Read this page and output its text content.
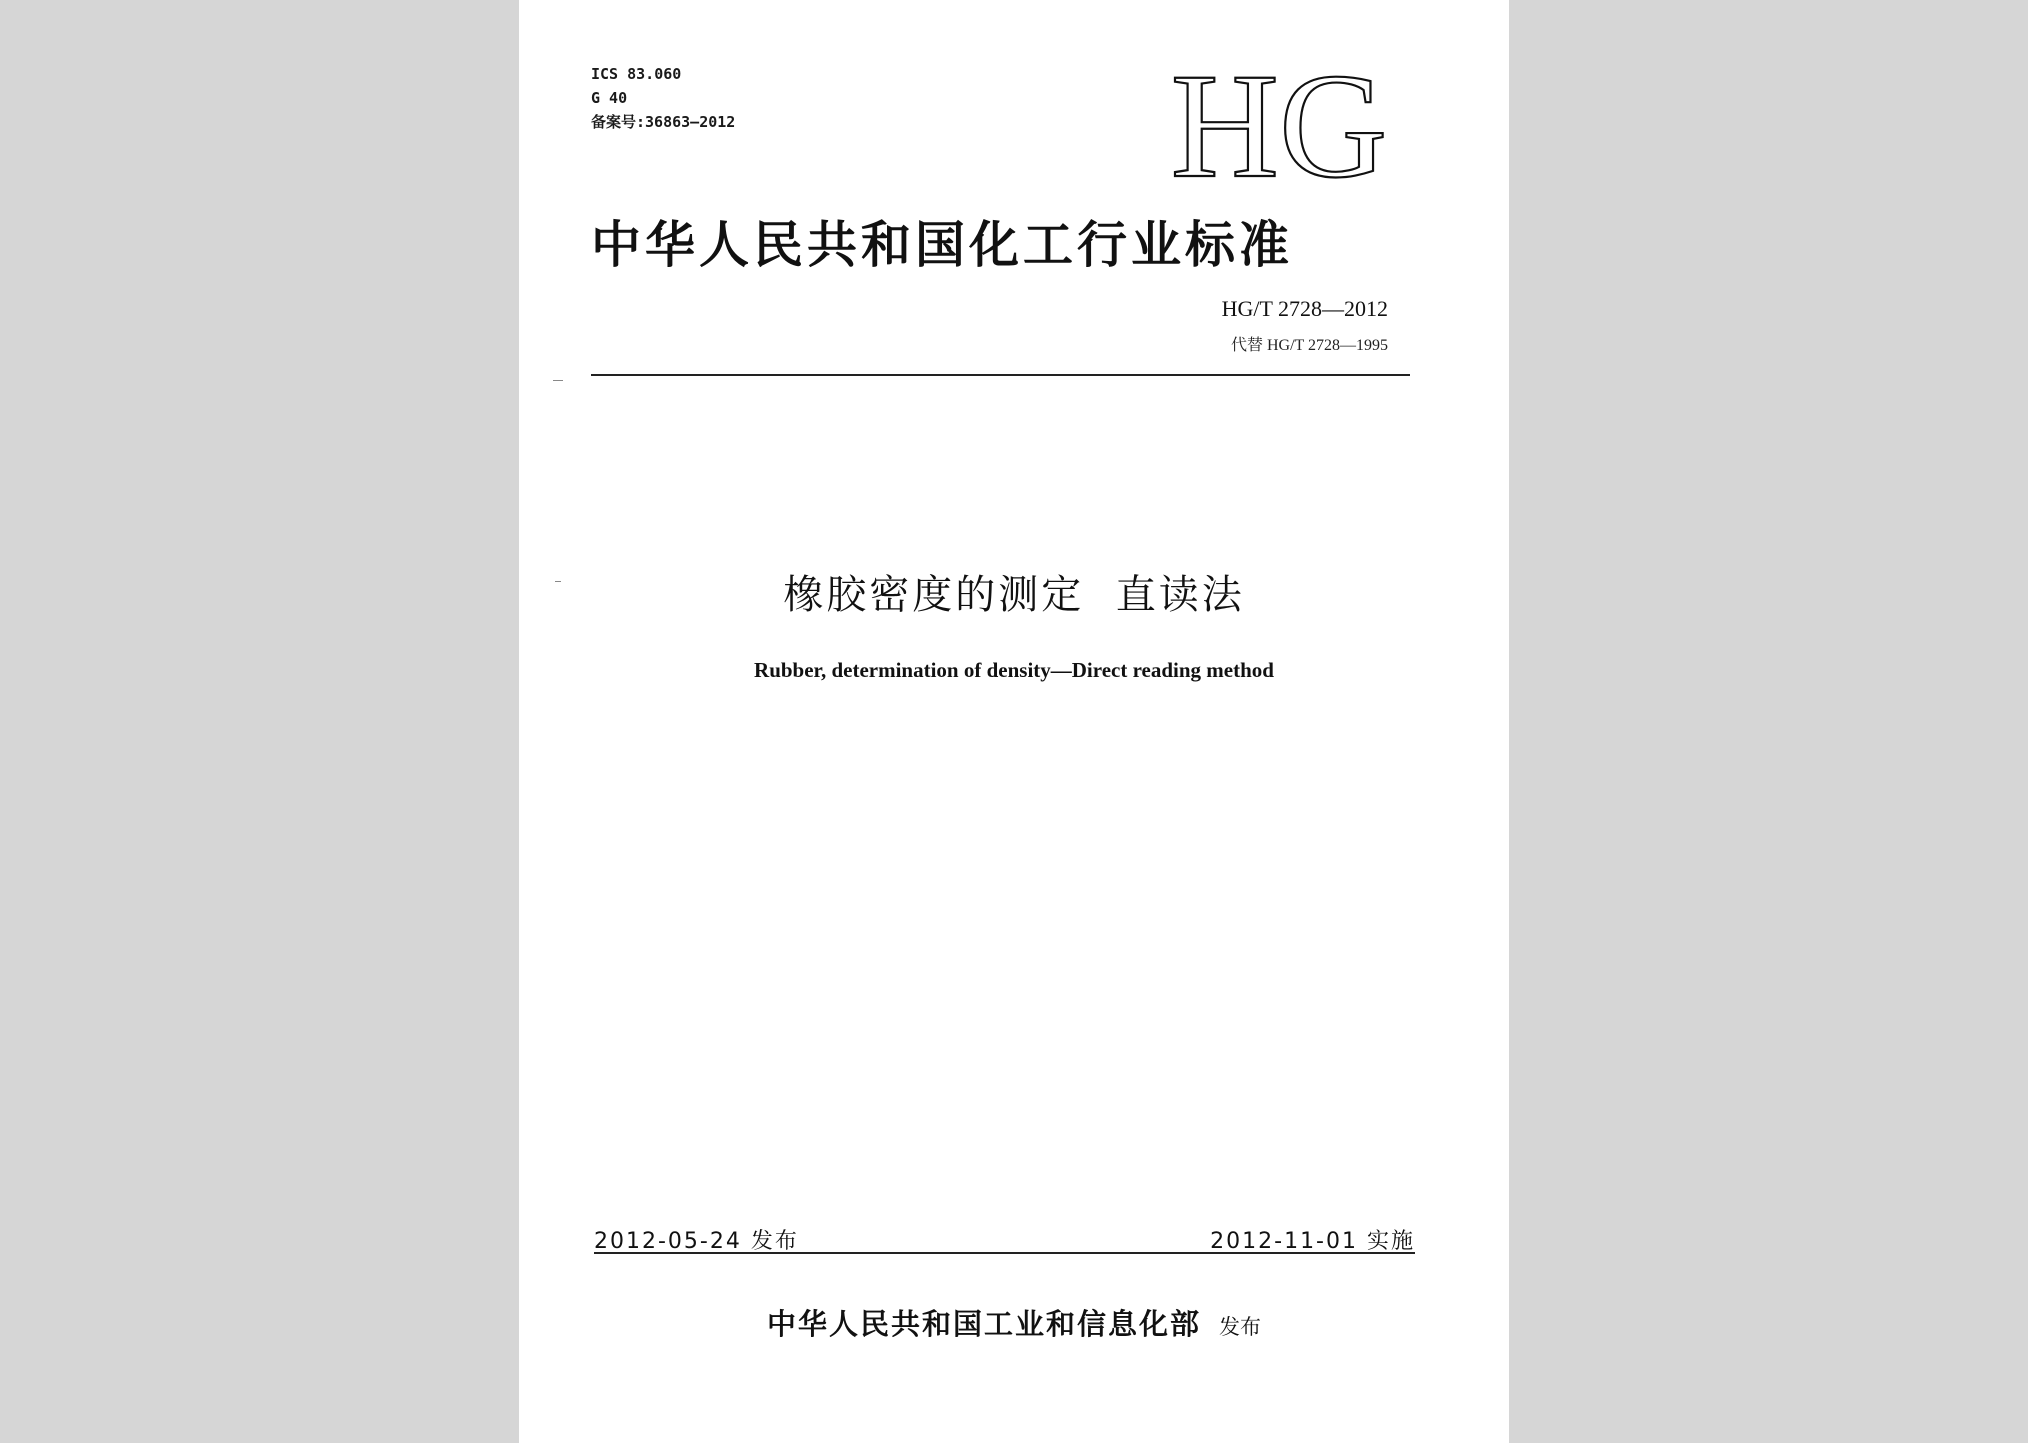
ICS 83.060
G 40
备案号:36863—2012	HG
中华人民共和国化工行业标准
HG/T 2728—2012
代替 HG/T 2728—1995
橡胶密度的测定  直读法
Rubber, determination of density—Direct reading method
2012-05-24 发布	2012-11-01 实施
中华人民共和国工业和信息化部 发布
